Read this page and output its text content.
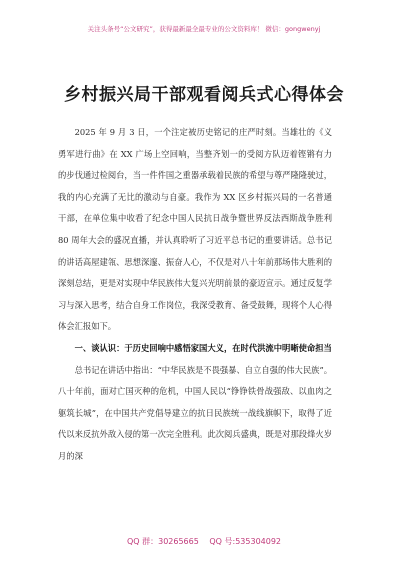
关注头条号“公文研究”，获得最新最全最专业的公文资料库！ 微信：gongwenyj
乡村振兴局干部观看阅兵式心得体会

2025 年 9 月 3 日，一个注定被历史铭记的庄严时刻。当雄壮的《义勇军进行曲》在 XX 广场上空回响，当整齐划一的受阅方队迈着铿锵有力的步伐通过检阅台，当一件件国之重器承载着民族的希望与尊严隆隆驶过，我的内心充满了无比的激动与自豪。我作为 XX 区乡村振兴局的一名普通干部，在单位集中收看了纪念中国人民抗日战争暨世界反法西斯战争胜利 80 周年大会的盛况直播，并认真聆听了习近平总书记的重要讲话。总书记的讲话高屋建瓴、思想深邃、振奋人心，不仅是对八十年前那场伟大胜利的深刻总结，更是对实现中华民族伟大复兴光明前景的豪迈宣示。通过反复学习与深入思考，结合自身工作岗位，我深受教育、备受鼓舞，现将个人心得体会汇报如下。

一、谈认识：于历史回响中感悟家国大义，在时代洪流中明晰使命担当

总书记在讲话中指出：“中华民族是不畏强暴、自立自强的伟大民族”。八十年前，面对亡国灭种的危机，中国人民以“铮铮铁骨战强敌、以血肉之躯筑长城”，在中国共产党倡导建立的抗日民族统一战线旗帜下，取得了近代以来反抗外敌入侵的第一次完全胜利。此次阅兵盛典，既是对那段烽火岁月的深

QQ 群：30265665 QQ 号:535304092
